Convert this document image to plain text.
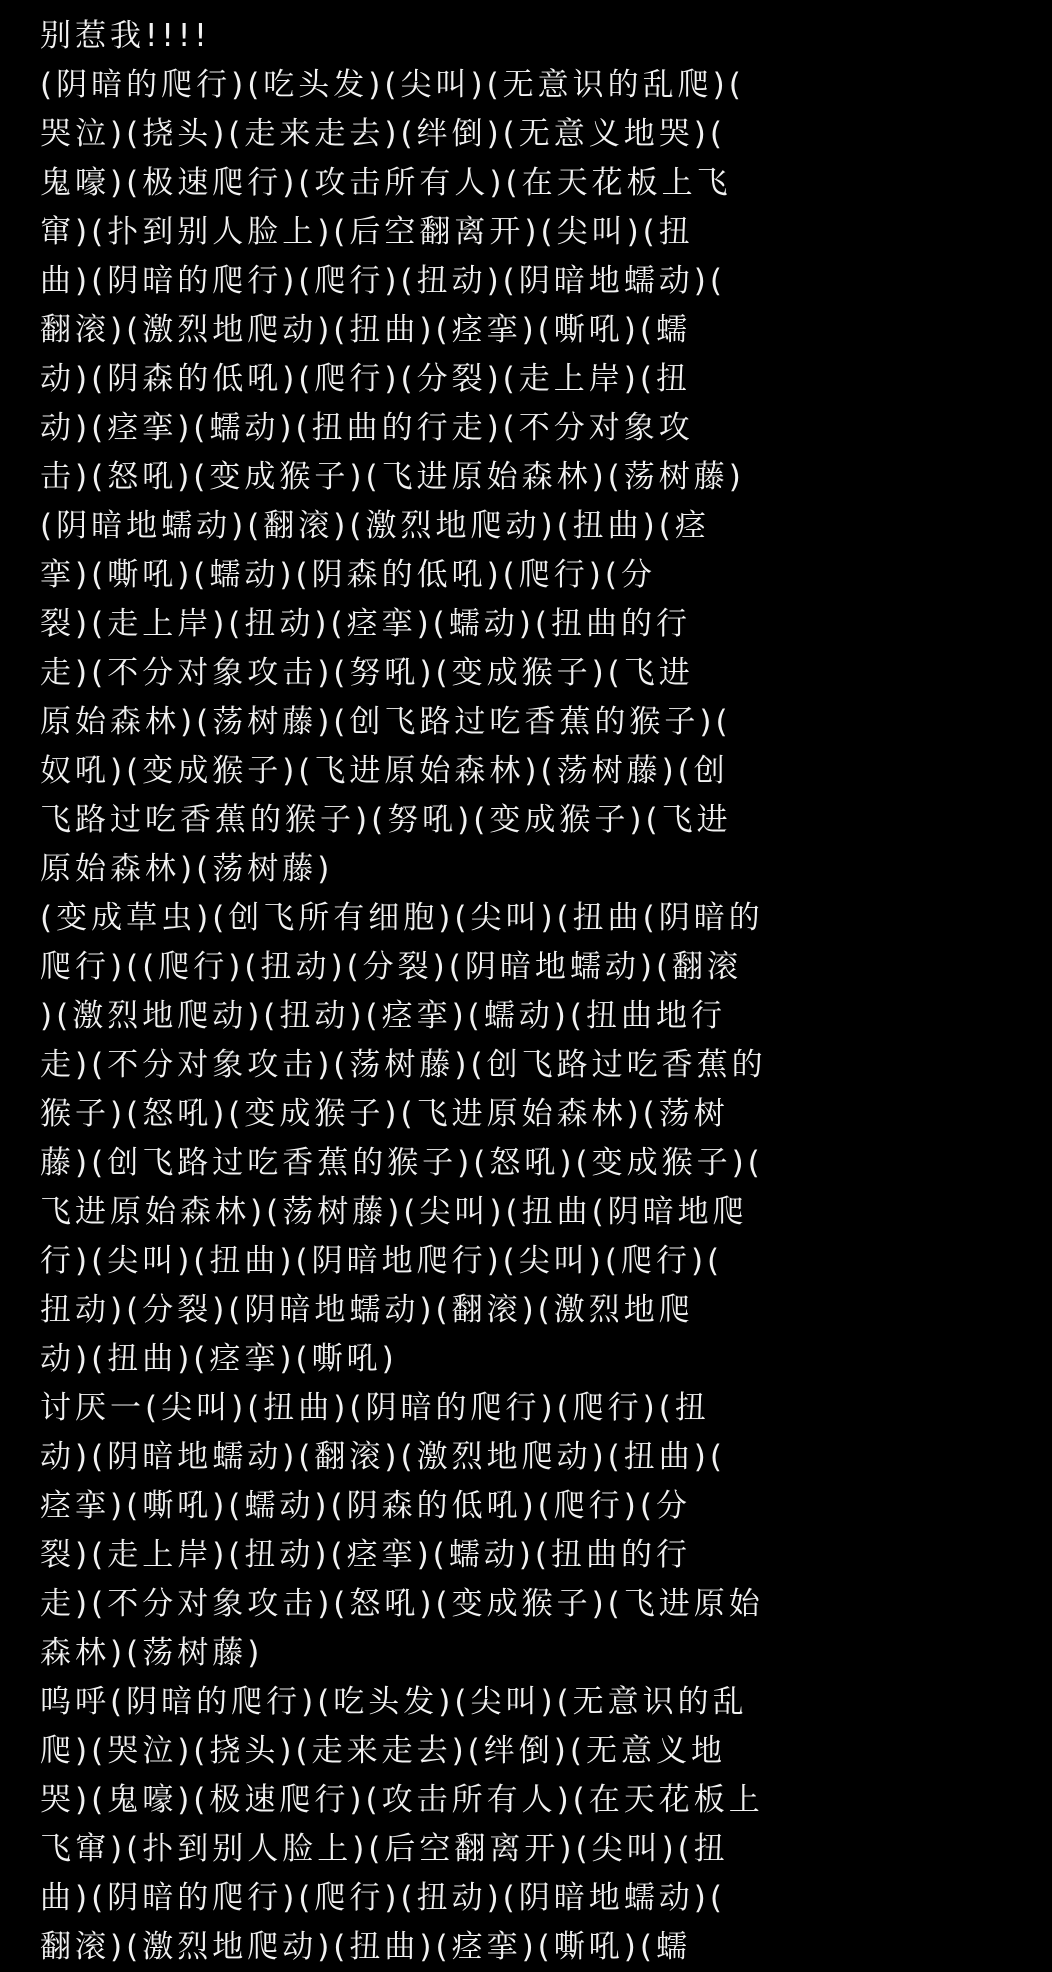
别惹我!!!!
(阴暗的爬行)(吃头发)(尖叫)(无意识的乱爬)(
哭泣)(挠头)(走来走去)(绊倒)(无意义地哭)(
鬼嚎)(极速爬行)(攻击所有人)(在天花板上飞
窜)(扑到别人脸上)(后空翻离开)(尖叫)(扭
曲)(阴暗的爬行)(爬行)(扭动)(阴暗地蠕动)(
翻滚)(激烈地爬动)(扭曲)(痉挛)(嘶吼)(蠕
动)(阴森的低吼)(爬行)(分裂)(走上岸)(扭
动)(痉挛)(蠕动)(扭曲的行走)(不分对象攻
击)(怒吼)(变成猴子)(飞进原始森林)(荡树藤)
(阴暗地蠕动)(翻滚)(激烈地爬动)(扭曲)(痉
挛)(嘶吼)(蠕动)(阴森的低吼)(爬行)(分
裂)(走上岸)(扭动)(痉挛)(蠕动)(扭曲的行
走)(不分对象攻击)(努吼)(变成猴子)(飞进
原始森林)(荡树藤)(创飞路过吃香蕉的猴子)(
奴吼)(变成猴子)(飞进原始森林)(荡树藤)(创
飞路过吃香蕉的猴子)(努吼)(变成猴子)(飞进
原始森林)(荡树藤)
(变成草虫)(创飞所有细胞)(尖叫)(扭曲(阴暗的
爬行)((爬行)(扭动)(分裂)(阴暗地蠕动)(翻滚
)(激烈地爬动)(扭动)(痉挛)(蠕动)(扭曲地行
走)(不分对象攻击)(荡树藤)(创飞路过吃香蕉的
猴子)(怒吼)(变成猴子)(飞进原始森林)(荡树
藤)(创飞路过吃香蕉的猴子)(怒吼)(变成猴子)(
飞进原始森林)(荡树藤)(尖叫)(扭曲(阴暗地爬
行)(尖叫)(扭曲)(阴暗地爬行)(尖叫)(爬行)(
扭动)(分裂)(阴暗地蠕动)(翻滚)(激烈地爬
动)(扭曲)(痉挛)(嘶吼)
讨厌一(尖叫)(扭曲)(阴暗的爬行)(爬行)(扭
动)(阴暗地蠕动)(翻滚)(激烈地爬动)(扭曲)(
痉挛)(嘶吼)(蠕动)(阴森的低吼)(爬行)(分
裂)(走上岸)(扭动)(痉挛)(蠕动)(扭曲的行
走)(不分对象攻击)(怒吼)(变成猴子)(飞进原始
森林)(荡树藤)
呜呼(阴暗的爬行)(吃头发)(尖叫)(无意识的乱
爬)(哭泣)(挠头)(走来走去)(绊倒)(无意义地
哭)(鬼嚎)(极速爬行)(攻击所有人)(在天花板上
飞窜)(扑到别人脸上)(后空翻离开)(尖叫)(扭
曲)(阴暗的爬行)(爬行)(扭动)(阴暗地蠕动)(
翻滚)(激烈地爬动)(扭曲)(痉挛)(嘶吼)(蠕
